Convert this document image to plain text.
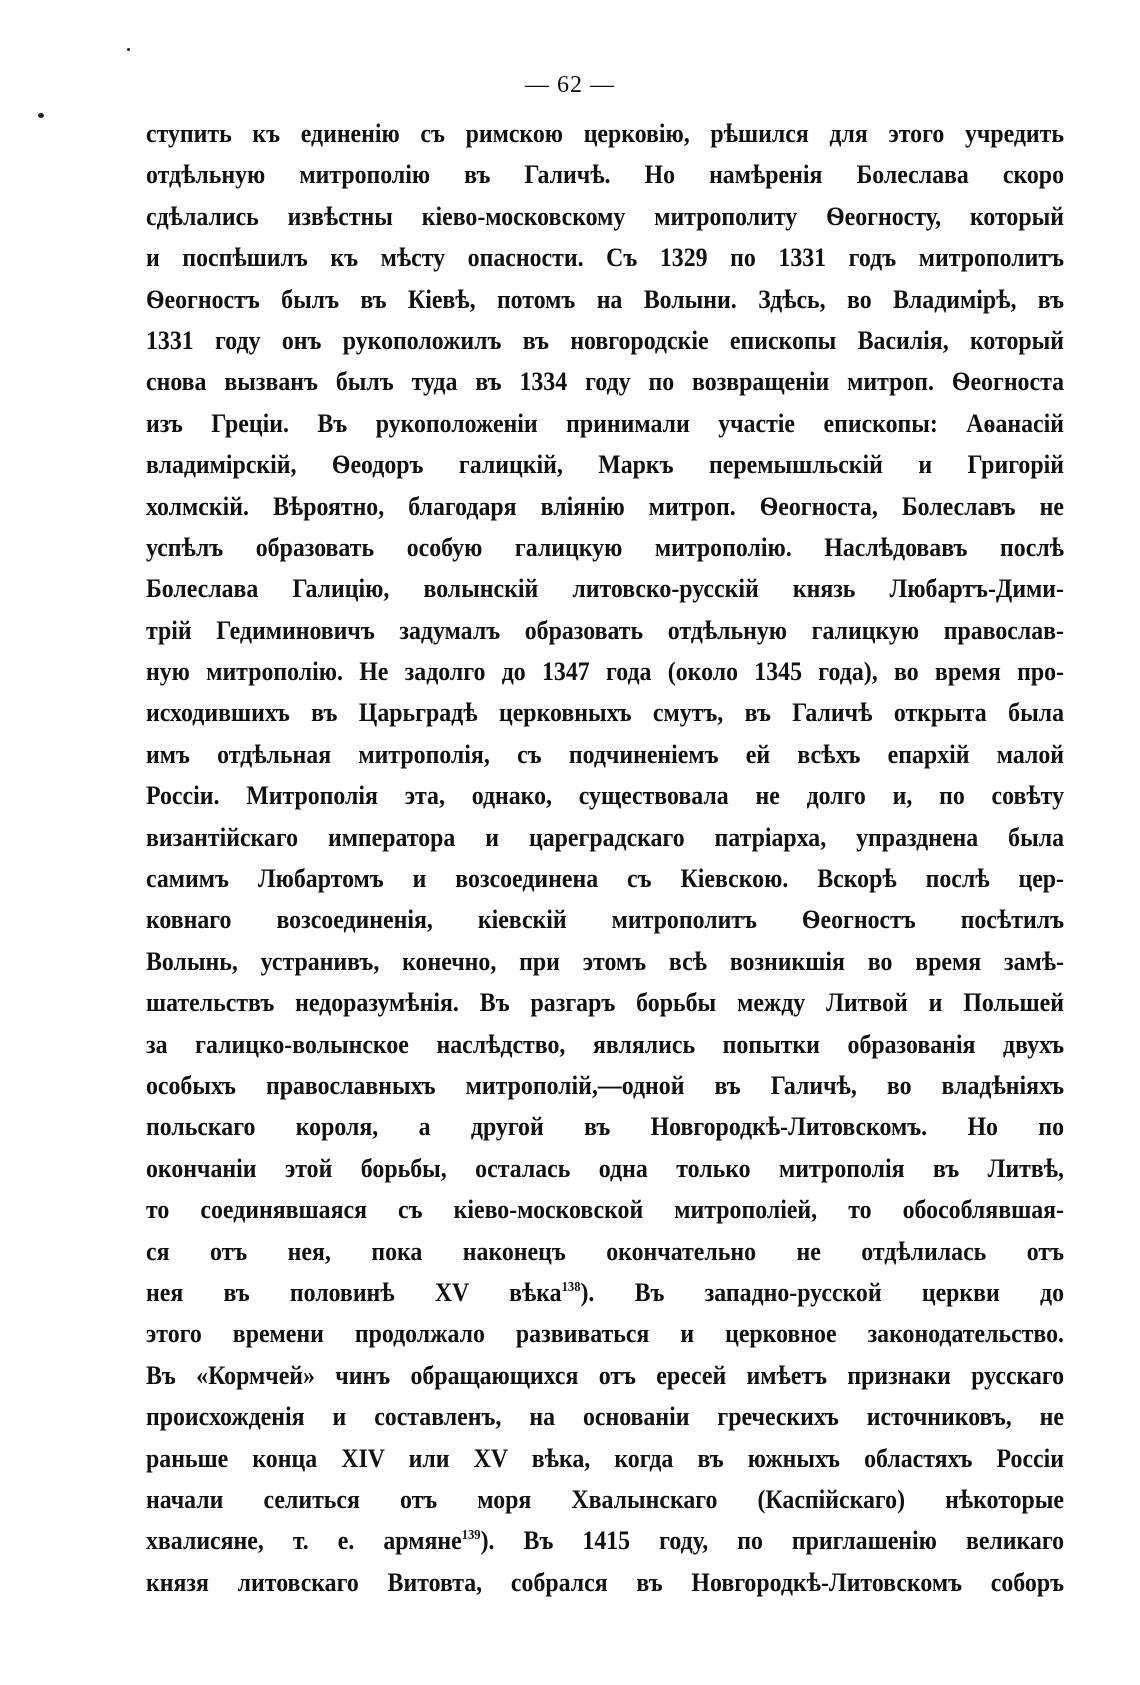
— 62 —
ступить къ единенію съ римскою церковію, рѣшился для этого учредить
отдѣльную митрополію въ Галичѣ. Но намѣренія Болеслава скоро
сдѣлались извѣстны кіево-московскому митрополиту Ѳеогносту, который
и поспѣшилъ къ мѣсту опасности. Съ 1329 по 1331 годъ митрополитъ
Ѳеогностъ былъ въ Кіевѣ, потомъ на Волыни. Здѣсь, во Владимірѣ, въ
1331 году онъ рукоположилъ въ новгородскіе епископы Василія, который
снова вызванъ былъ туда въ 1334 году по возвращеніи митроп. Ѳеогноста
изъ Греціи. Въ рукоположеніи принимали участіе епископы: Аѳанасій
владимірскій, Ѳеодоръ галицкій, Маркъ перемышльскій и Григорій
холмскій. Вѣроятно, благодаря вліянію митроп. Ѳеогноста, Болеславъ не
успѣлъ образовать особую галицкую митрополію. Наслѣдовавъ послѣ
Болеслава Галицію, волынскій литовско-русскій князь Любартъ-Дими-
трій Гедиминовичъ задумалъ образовать отдѣльную галицкую православ-
ную митрополію. Не задолго до 1347 года (около 1345 года), во время про-
исходившихъ въ Царьградѣ церковныхъ смутъ, въ Галичѣ открыта была
имъ отдѣльная митрополія, съ подчиненіемъ ей всѣхъ епархій малой
Россіи. Митрополія эта, однако, существовала не долго и, по совѣту
византійскаго императора и цареградскаго патріарха, упразднена была
самимъ Любартомъ и возсоединена съ Кіевскою. Вскорѣ послѣ цер-
ковнаго возсоединенія, кіевскій митрополитъ Ѳеогностъ посѣтилъ
Волынь, устранивъ, конечно, при этомъ всѣ возникшія во время замѣ-
шательствъ недоразумѣнія. Въ разгаръ борьбы между Литвой и Польшей
за галицко-волынское наслѣдство, являлись попытки образованія двухъ
особыхъ православныхъ митрополій,—одной въ Галичѣ, во владѣніяхъ
польскаго короля, а другой въ Новгородкѣ-Литовскомъ. Но по
окончаніи этой борьбы, осталась одна только митрополія въ Литвѣ,
то соединявшаяся съ кіево-московской митрополіей, то обособлявшая-
ся отъ нея, пока наконецъ окончательно не отдѣлилась отъ
нея въ половинѣ XV вѣка$^{138}$). Въ западно-русской церкви до
этого времени продолжало развиваться и церковное законодательство.
Въ «Кормчей» чинъ обращающихся отъ ересей имѣетъ признаки русскаго
происхожденія и составленъ, на основаніи греческихъ источниковъ, не
раньше конца XIV или XV вѣка, когда въ южныхъ областяхъ Россіи
начали селиться отъ моря Хвалынскаго (Каспійскаго) нѣкоторые
хвалисяне, т. е. армяне$^{139}$). Въ 1415 году, по приглашенію великаго
князя литовскаго Витовта, собрался въ Новгородкѣ-Литовскомъ соборъ
